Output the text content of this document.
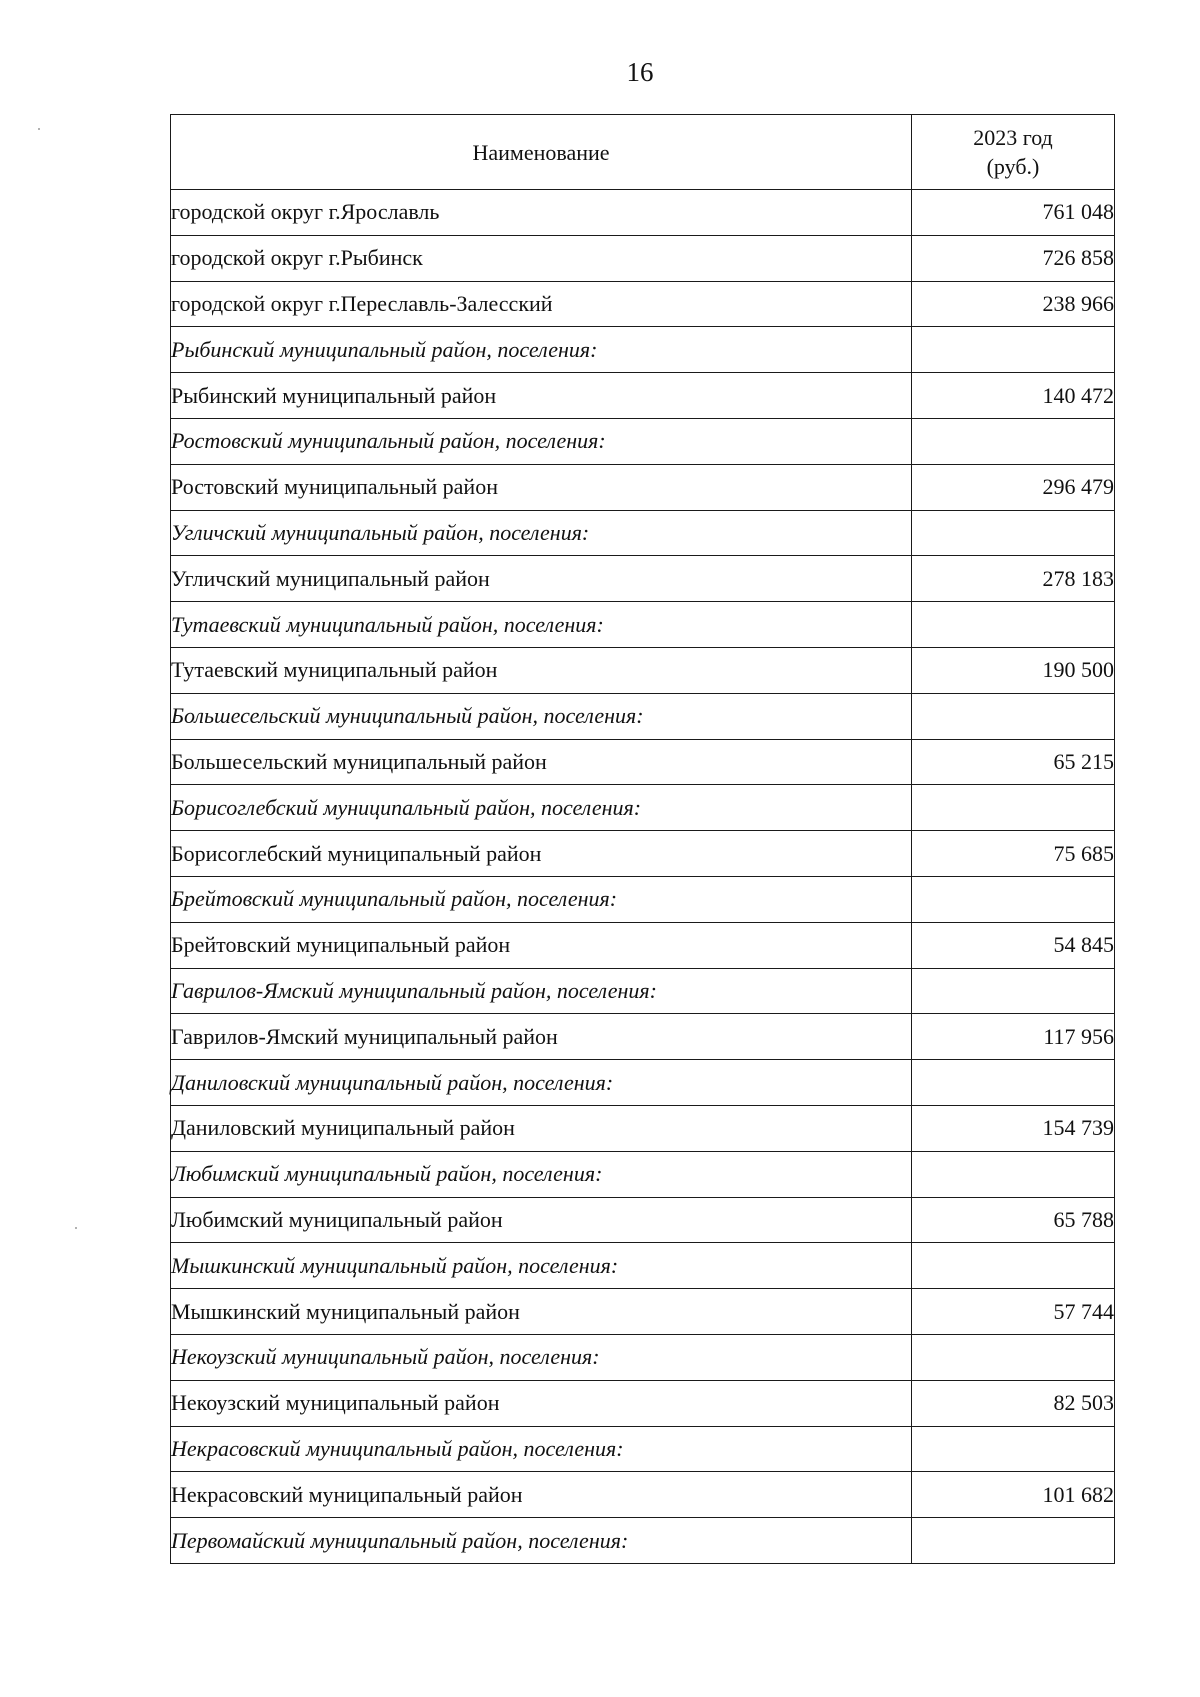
16
Наименование	2023 год
(руб.)
городской округ г.Ярославль	761 048
городской округ г.Рыбинск	726 858
городской округ г.Переславль-Залесский	238 966
Рыбинский муниципальный район, поселения:	
Рыбинский муниципальный район	140 472
Ростовский муниципальный район, поселения:	
Ростовский муниципальный район	296 479
Угличский муниципальный район, поселения:	
Угличский муниципальный район	278 183
Тутаевский муниципальный район, поселения:	
Тутаевский муниципальный район	190 500
Большесельский муниципальный район, поселения:	
Большесельский муниципальный район	65 215
Борисоглебский муниципальный район, поселения:	
Борисоглебский муниципальный район	75 685
Брейтовский муниципальный район, поселения:	
Брейтовский муниципальный район	54 845
Гаврилов-Ямский муниципальный район, поселения:	
Гаврилов-Ямский муниципальный район	117 956
Даниловский муниципальный район, поселения:	
Даниловский муниципальный район	154 739
Любимский муниципальный район, поселения:	
Любимский муниципальный район	65 788
Мышкинский муниципальный район, поселения:	
Мышкинский муниципальный район	57 744
Некоузский муниципальный район, поселения:	
Некоузский муниципальный район	82 503
Некрасовский муниципальный район, поселения:	
Некрасовский муниципальный район	101 682
Первомайский муниципальный район, поселения:	
